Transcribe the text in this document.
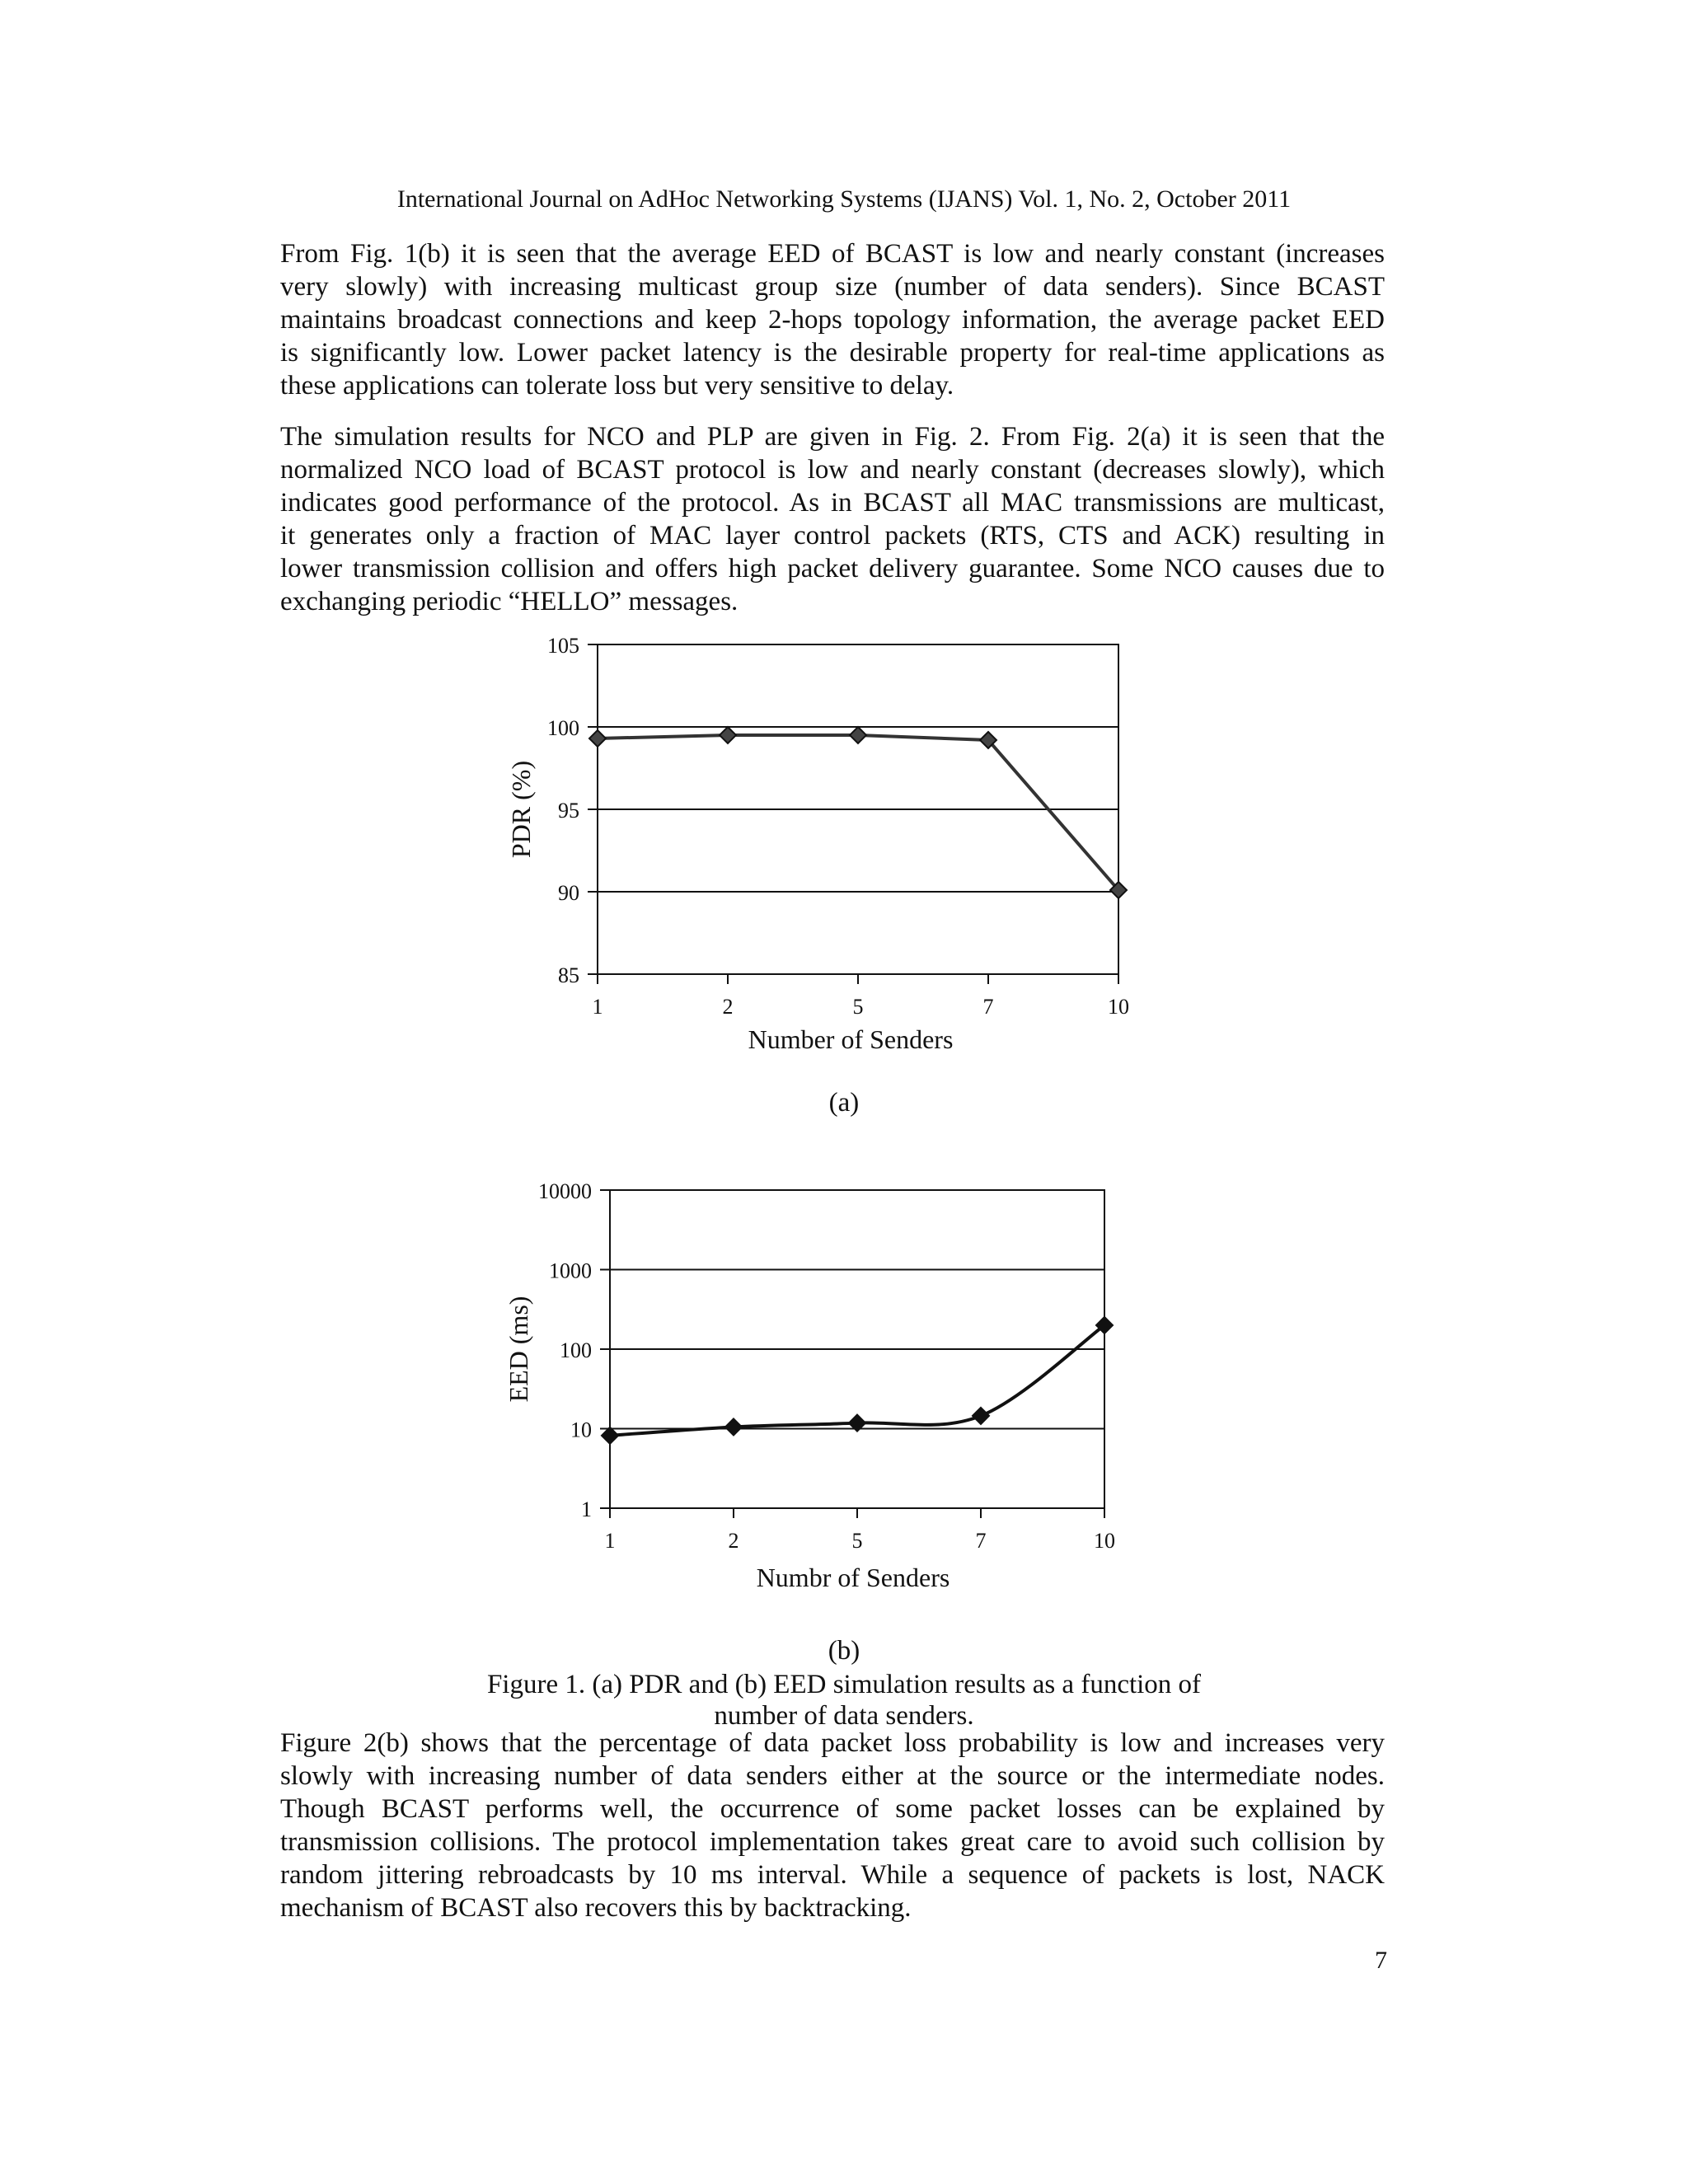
International Journal on AdHoc Networking Systems (IJANS) Vol. 1, No. 2, October 2011
From Fig. 1(b) it is seen that the average EED of BCAST is low and nearly constant (increases
very slowly) with increasing multicast group size (number of data senders). Since BCAST
maintains broadcast connections and keep 2-hops topology information, the average packet EED
is significantly low. Lower packet latency is the desirable property for real-time applications as
these applications can tolerate loss but very sensitive to delay.
The simulation results for NCO and PLP are given in Fig. 2. From Fig. 2(a) it is seen that the
normalized NCO load of BCAST protocol is low and nearly constant (decreases slowly), which
indicates good performance of the protocol. As in BCAST all MAC transmissions are multicast,
it generates only a fraction of MAC layer control packets (RTS, CTS and ACK) resulting in
lower transmission collision and offers high packet delivery guarantee. Some NCO causes due to
exchanging periodic “HELLO” messages.
105
100
95
90
85
1	2	5	7	10
Number of Senders
PDR (%)
(a)
10000
1000
100
10
1
1	2	5	7	10
Numbr of Senders
EED (ms)
(b)
Figure 1. (a) PDR and (b) EED simulation results as a function of
number of data senders.
Figure 2(b) shows that the percentage of data packet loss probability is low and increases very
slowly with increasing number of data senders either at the source or the intermediate nodes.
Though BCAST performs well, the occurrence of some packet losses can be explained by
transmission collisions. The protocol implementation takes great care to avoid such collision by
random jittering rebroadcasts by 10 ms interval. While a sequence of packets is lost, NACK
mechanism of BCAST also recovers this by backtracking.
7
